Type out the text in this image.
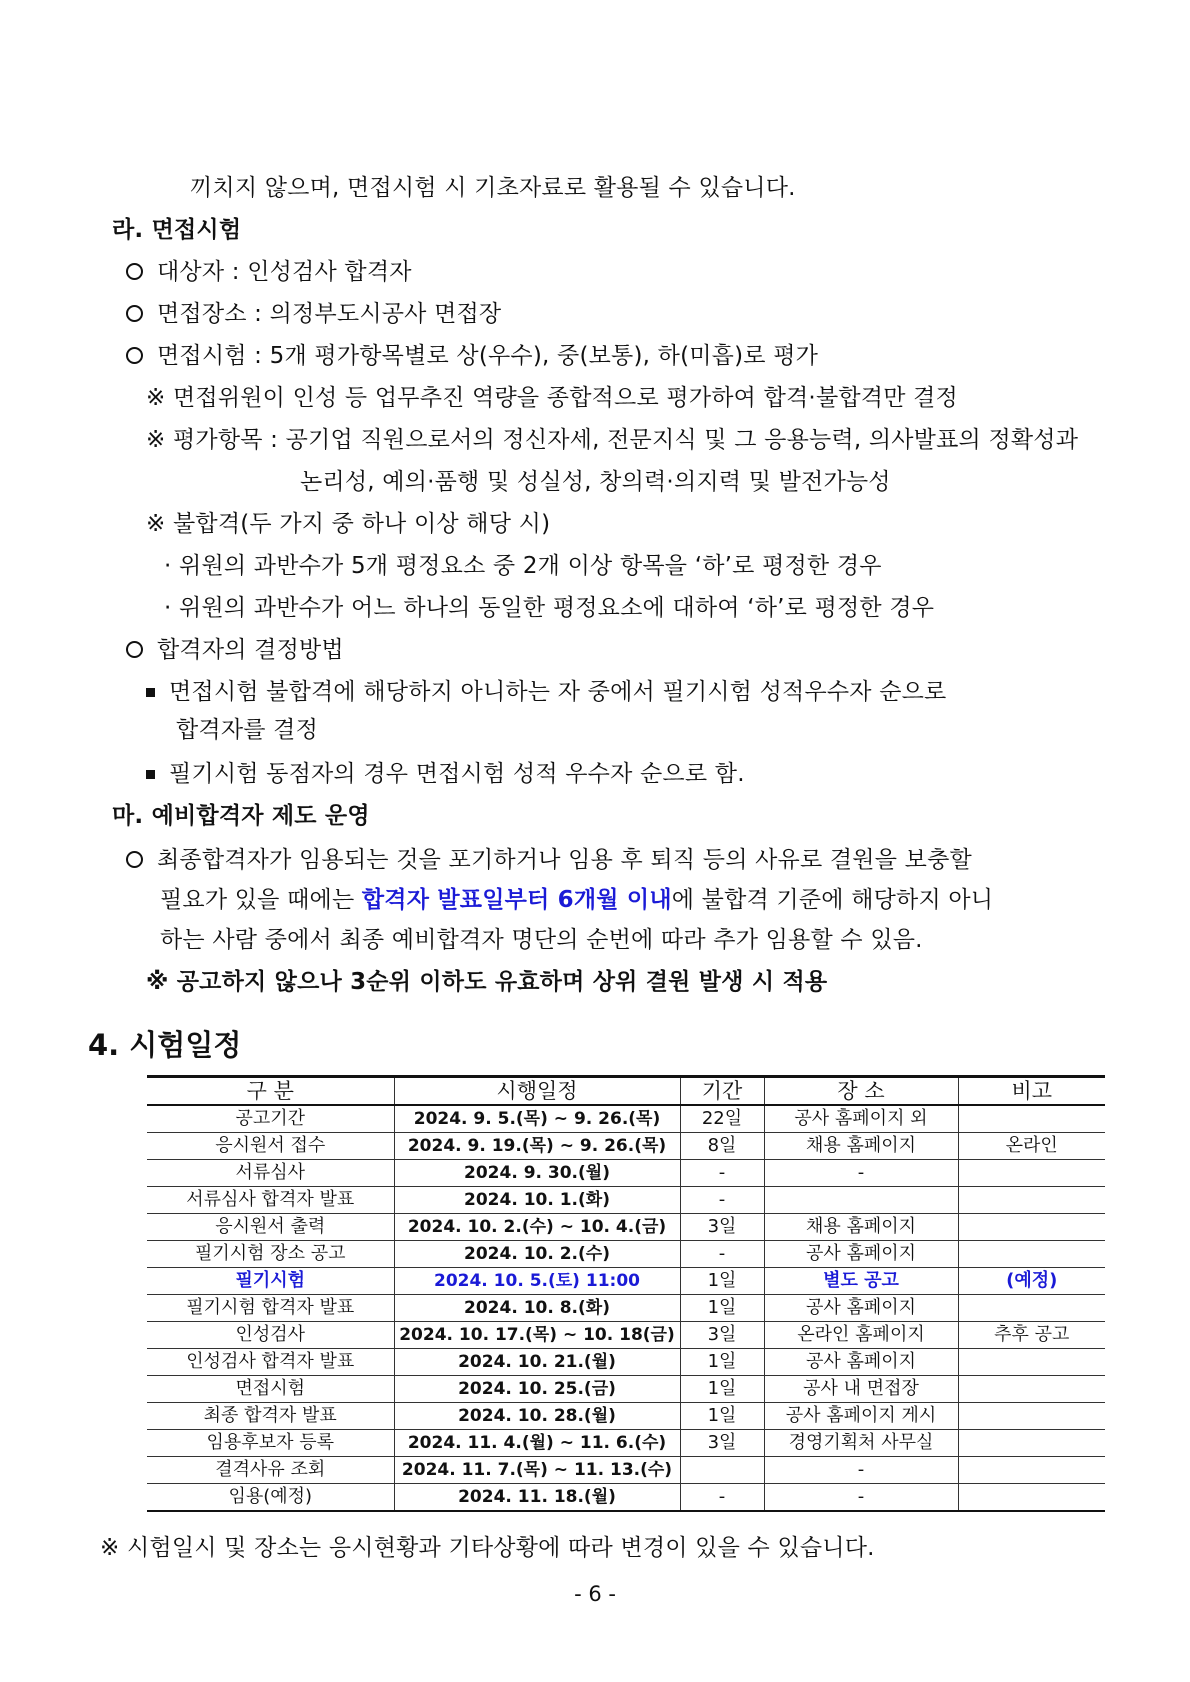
끼치지 않으며, 면접시험 시 기초자료로 활용될 수 있습니다.
라. 면접시험
대상자 : 인성검사 합격자
면접장소 : 의정부도시공사 면접장
면접시험 : 5개 평가항목별로 상(우수), 중(보통), 하(미흡)로 평가
※ 면접위원이 인성 등 업무추진 역량을 종합적으로 평가하여 합격·불합격만 결정
※ 평가항목 : 공기업 직원으로서의 정신자세, 전문지식 및 그 응용능력, 의사발표의 정확성과
논리성, 예의·품행 및 성실성, 창의력·의지력 및 발전가능성
※ 불합격(두 가지 중 하나 이상 해당 시)
· 위원의 과반수가 5개 평정요소 중 2개 이상 항목을 ‘하’로 평정한 경우
· 위원의 과반수가 어느 하나의 동일한 평정요소에 대하여 ‘하’로 평정한 경우
합격자의 결정방법
면접시험 불합격에 해당하지 아니하는 자 중에서 필기시험 성적우수자 순으로
합격자를 결정
필기시험 동점자의 경우 면접시험 성적 우수자 순으로 함.
마. 예비합격자 제도 운영
최종합격자가 임용되는 것을 포기하거나 임용 후 퇴직 등의 사유로 결원을 보충할
필요가 있을 때에는 합격자 발표일부터 6개월 이내에 불합격 기준에 해당하지 아니
하는 사람 중에서 최종 예비합격자 명단의 순번에 따라 추가 임용할 수 있음.
※ 공고하지 않으나 3순위 이하도 유효하며 상위 결원 발생 시 적용
4. 시험일정
구 분	시행일정	기간	장 소	비고
공고기간	2024. 9. 5.(목) ~ 9. 26.(목)	22일	공사 홈페이지 외	
응시원서 접수	2024. 9. 19.(목) ~ 9. 26.(목)	8일	채용 홈페이지	온라인
서류심사	2024. 9. 30.(월)	-	-	
서류심사 합격자 발표	2024. 10. 1.(화)	-		
응시원서 출력	2024. 10. 2.(수) ~ 10. 4.(금)	3일	채용 홈페이지	
필기시험 장소 공고	2024. 10. 2.(수)	-	공사 홈페이지	
필기시험	2024. 10. 5.(토) 11:00	1일	별도 공고	(예정)
필기시험 합격자 발표	2024. 10. 8.(화)	1일	공사 홈페이지	
인성검사	2024. 10. 17.(목) ~ 10. 18(금)	3일	온라인 홈페이지	추후 공고
인성검사 합격자 발표	2024. 10. 21.(월)	1일	공사 홈페이지	
면접시험	2024. 10. 25.(금)	1일	공사 내 면접장	
최종 합격자 발표	2024. 10. 28.(월)	1일	공사 홈페이지 게시	
임용후보자 등록	2024. 11. 4.(월) ~ 11. 6.(수)	3일	경영기획처 사무실	
결격사유 조회	2024. 11. 7.(목) ~ 11. 13.(수)		-	
임용(예정)	2024. 11. 18.(월)	-	-	
※ 시험일시 및 장소는 응시현황과 기타상황에 따라 변경이 있을 수 있습니다.
- 6 -
